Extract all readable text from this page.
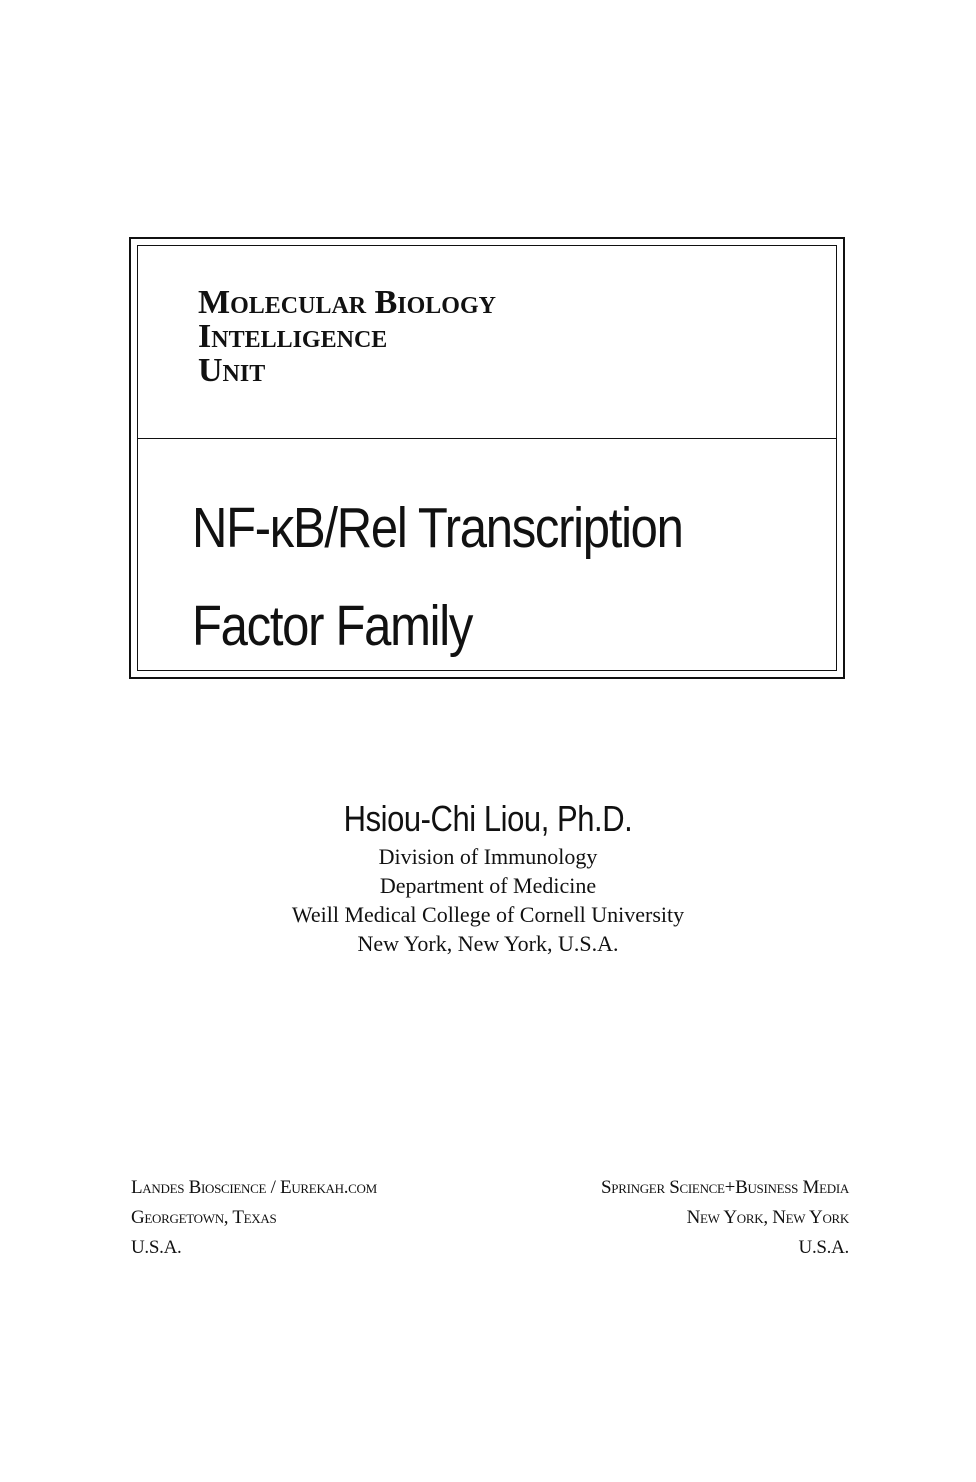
Molecular Biology
Intelligence
Unit
NF-κB/Rel Transcription
Factor Family
Hsiou-Chi Liou, Ph.D.
Division of Immunology
Department of Medicine
Weill Medical College of Cornell University
New York, New York, U.S.A.
Landes Bioscience / Eurekah.com
Georgetown, Texas
U.S.A.
Springer Science+Business Media
New York, New York
U.S.A.
